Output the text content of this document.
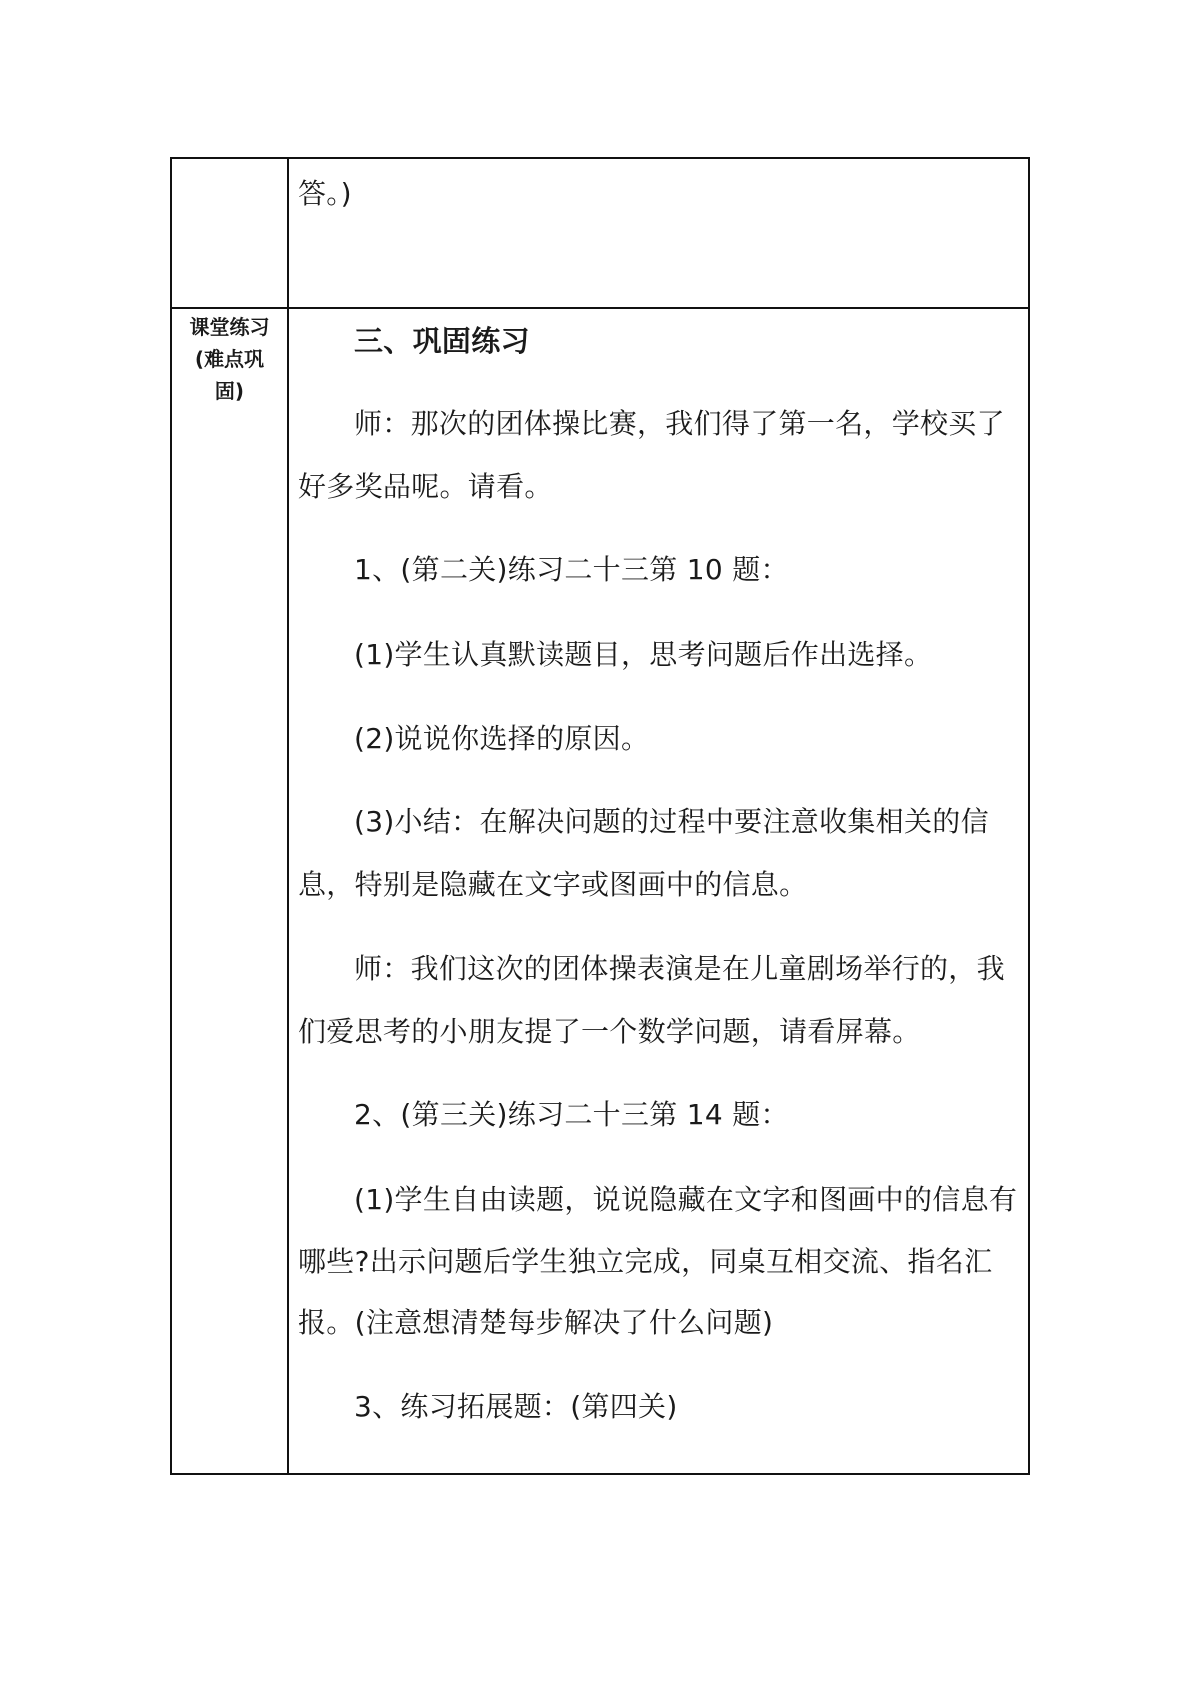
答。)
课堂练习
(难点巩
固)
三、巩固练习
师：那次的团体操比赛，我们得了第一名，学校买了
好多奖品呢。请看。
1、(第二关)练习二十三第 10 题：
(1)学生认真默读题目，思考问题后作出选择。
(2)说说你选择的原因。
(3)小结：在解决问题的过程中要注意收集相关的信
息，特别是隐藏在文字或图画中的信息。
师：我们这次的团体操表演是在儿童剧场举行的，我
们爱思考的小朋友提了一个数学问题，请看屏幕。
2、(第三关)练习二十三第 14 题：
(1)学生自由读题，说说隐藏在文字和图画中的信息有
哪些?出示问题后学生独立完成，同桌互相交流、指名汇
报。(注意想清楚每步解决了什么问题)
3、练习拓展题：(第四关)
